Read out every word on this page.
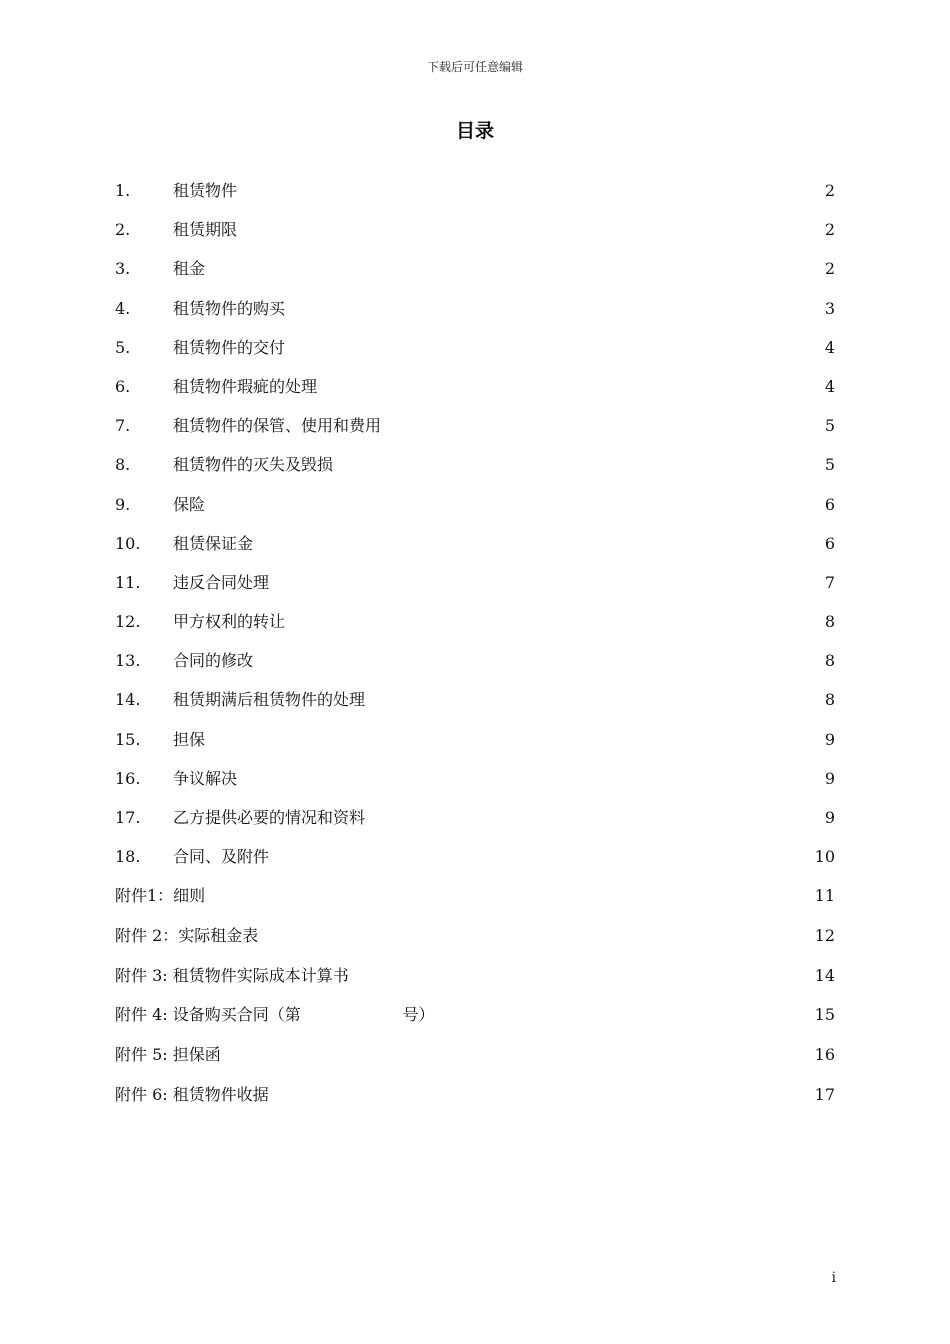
下载后可任意编辑
目录
1.	租赁物件	2
2.	租赁期限	2
3.	租金	2
4.	租赁物件的购买	3
5.	租赁物件的交付	4
6.	租赁物件瑕疵的处理	4
7.	租赁物件的保管、使用和费用	5
8.	租赁物件的灭失及毁损	5
9.	保险	6
10. 租赁保证金	6
11. 违反合同处理	7
12. 甲方权利的转让	8
13. 合同的修改	8
14. 租赁期满后租赁物件的处理	8
15. 担保	9
16. 争议解决	9
17. 乙方提供必要的情况和资料	9
18. 合同、及附件	10
附件1：细则	11
附件 2：实际租金表	12
附件 3: 租赁物件实际成本计算书	14
附件 4: 设备购买合同（第                    号）	15
附件 5: 担保函	16
附件 6: 租赁物件收据	17
i
